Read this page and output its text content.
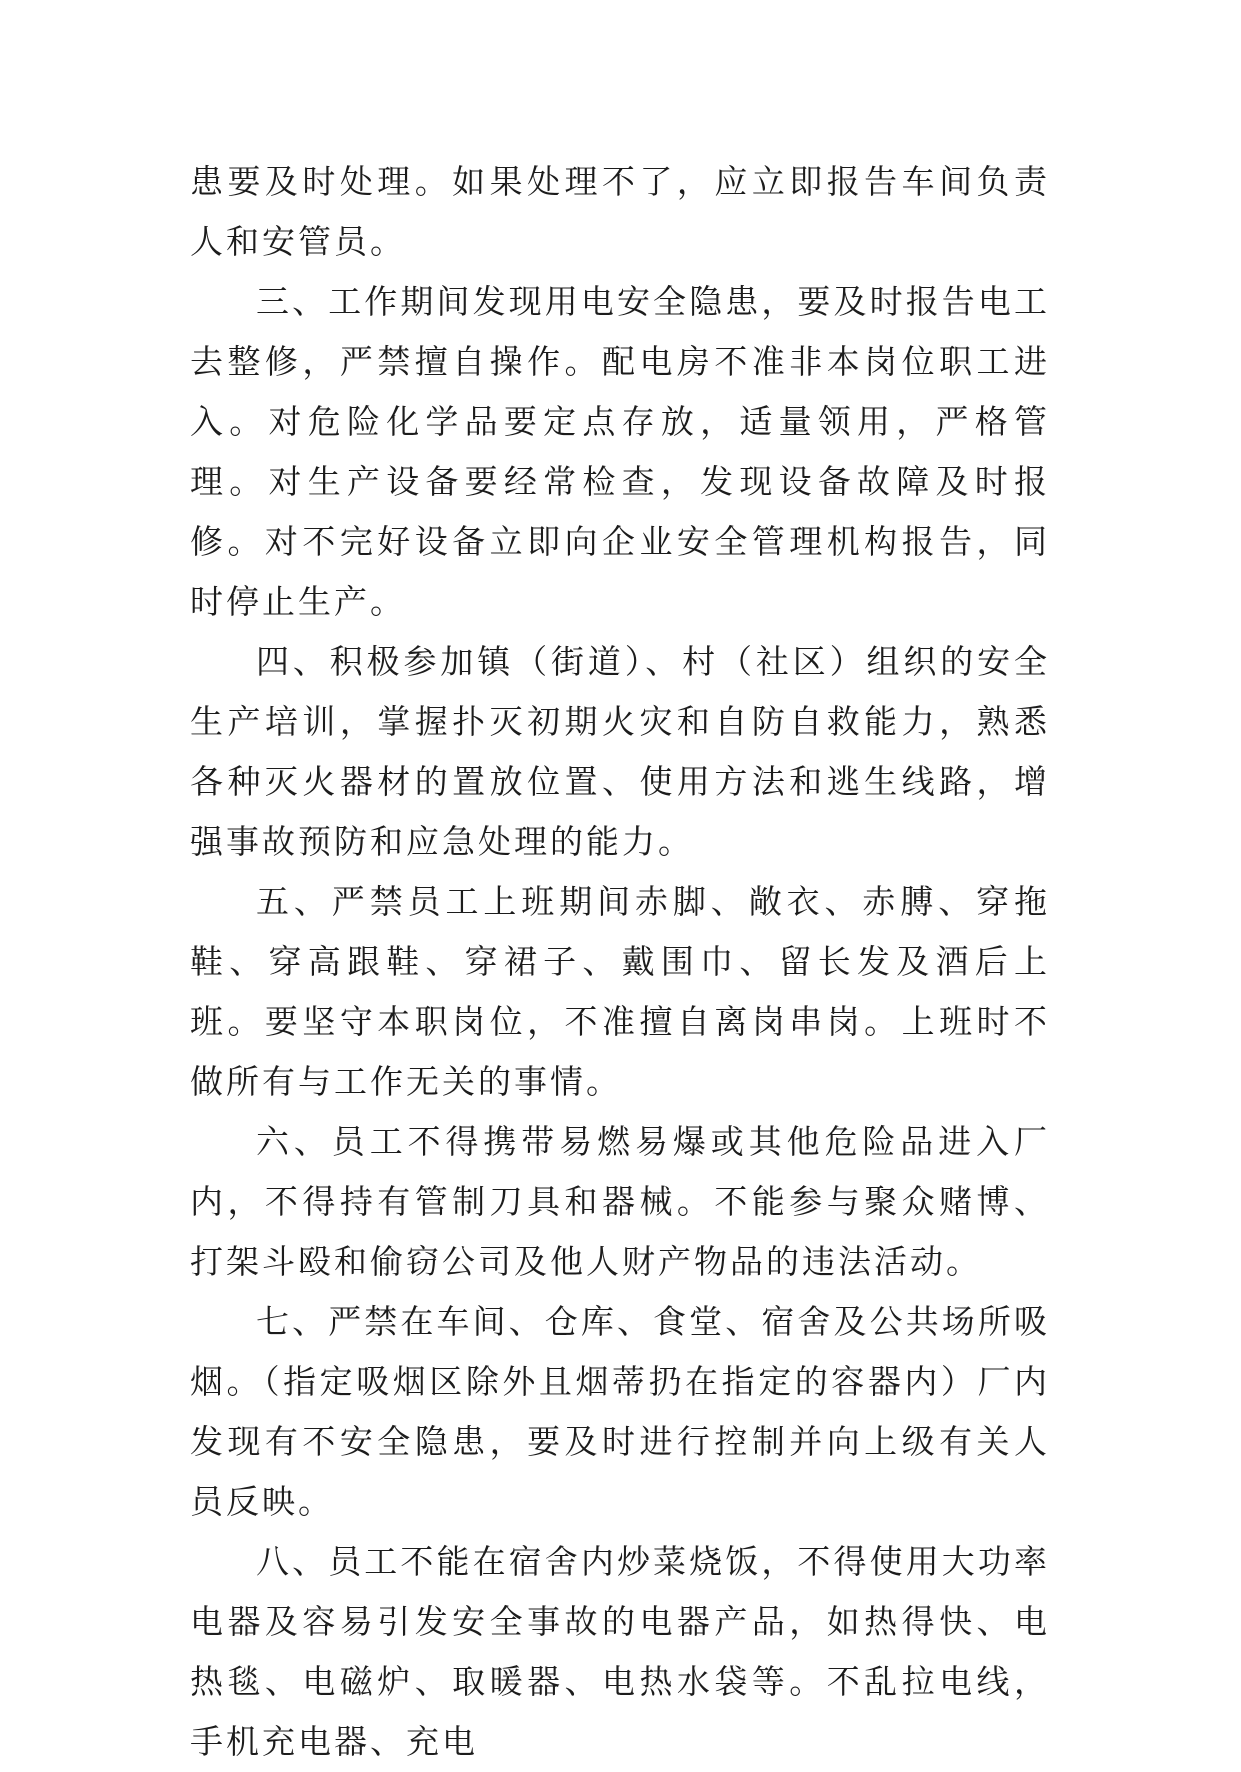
患要及时处理。如果处理不了，应立即报告车间负责人和安管员。

三、工作期间发现用电安全隐患，要及时报告电工去整修，严禁擅自操作。配电房不准非本岗位职工进入。对危险化学品要定点存放，适量领用，严格管理。对生产设备要经常检查，发现设备故障及时报修。对不完好设备立即向企业安全管理机构报告，同时停止生产。

四、积极参加镇（街道）、村（社区）组织的安全生产培训，掌握扑灭初期火灾和自防自救能力，熟悉各种灭火器材的置放位置、使用方法和逃生线路，增强事故预防和应急处理的能力。

五、严禁员工上班期间赤脚、敞衣、赤膊、穿拖鞋、穿高跟鞋、穿裙子、戴围巾、留长发及酒后上班。要坚守本职岗位，不准擅自离岗串岗。上班时不做所有与工作无关的事情。

六、员工不得携带易燃易爆或其他危险品进入厂内，不得持有管制刀具和器械。不能参与聚众赌博、打架斗殴和偷窃公司及他人财产物品的违法活动。

七、严禁在车间、仓库、食堂、宿舍及公共场所吸烟。（指定吸烟区除外且烟蒂扔在指定的容器内）厂内发现有不安全隐患，要及时进行控制并向上级有关人员反映。

八、员工不能在宿舍内炒菜烧饭，不得使用大功率电器及容易引发安全事故的电器产品，如热得快、电热毯、电磁炉、取暖器、电热水袋等。不乱拉电线，手机充电器、充电
